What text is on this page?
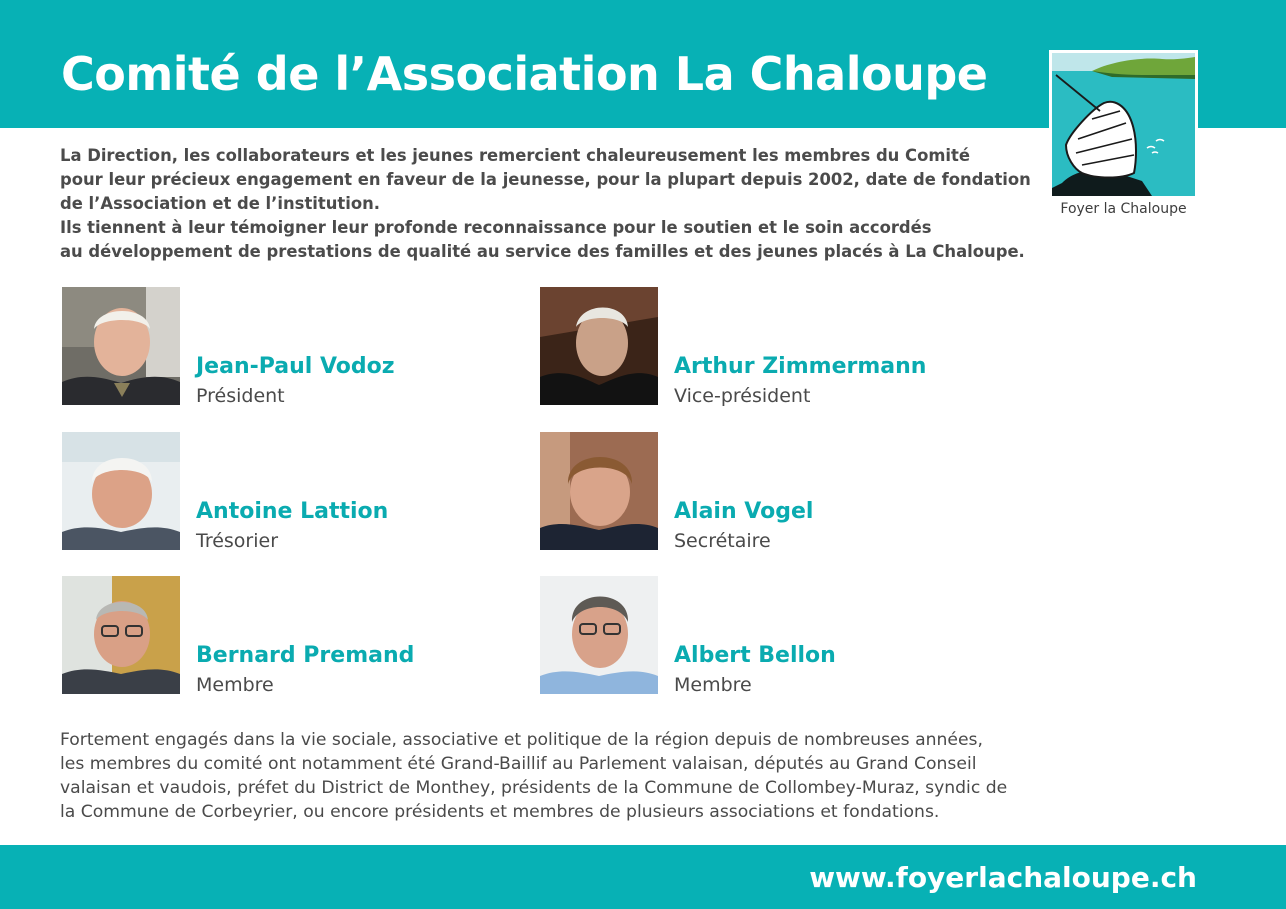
Comité de l’Association La Chaloupe
Foyer la Chaloupe

La Direction, les collaborateurs et les jeunes remercient chaleureusement les membres du Comité

pour leur précieux engagement en faveur de la jeunesse, pour la plupart depuis 2002, date de fondation

de l’Association et de l’institution.

Ils tiennent à leur témoigner leur profonde reconnaissance pour le soutien et le soin accordés

au développement de prestations de qualité au service des familles et des jeunes placés à La Chaloupe.

Jean-Paul Vodoz
Président
Arthur Zimmermann
Vice-président
Antoine Lattion
Trésorier
Alain Vogel
Secrétaire
Bernard Premand
Membre
Albert Bellon
Membre

Fortement engagés dans la vie sociale, associative et politique de la région depuis de nombreuses années,

les membres du comité ont notamment été Grand-Baillif au Parlement valaisan, députés au Grand Conseil

valaisan et vaudois, préfet du District de Monthey, présidents de la Commune de Collombey-Muraz, syndic de

la Commune de Corbeyrier, ou encore présidents et membres de plusieurs associations et fondations.

www.foyerlachaloupe.ch
